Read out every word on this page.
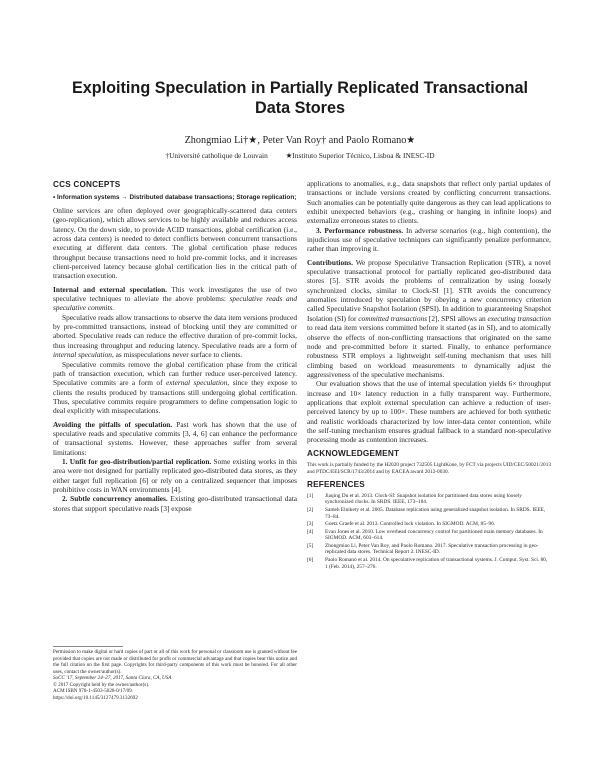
Exploiting Speculation in Partially Replicated Transactional Data Stores
Zhongmiao Li†★, Peter Van Roy† and Paolo Romano★
†Université catholique de Louvain ★Instituto Superior Técnico, Lisboa & INESC-ID
CCS CONCEPTS
• Information systems → Distributed database transactions; Storage replication;

Online services are often deployed over geographically-scattered data centers (geo-replication), which allows services to be highly available and reduces access latency. On the down side, to provide ACID transactions, global certification (i.e., across data centers) is needed to detect conflicts between concurrent transactions executing at different data centers. The global certification phase reduces throughput because transactions need to hold pre-commit locks, and it increases client-perceived latency because global certification lies in the critical path of transaction execution.

Internal and external speculation. This work investigates the use of two speculative techniques to alleviate the above problems: speculative reads and speculative commits.

Speculative reads allow transactions to observe the data item versions produced by pre-committed transactions, instead of blocking until they are committed or aborted. Speculative reads can reduce the effective duration of pre-commit locks, thus increasing throughput and reducing latency. Speculative reads are a form of internal speculation, as misspeculations never surface to clients.

Speculative commits remove the global certification phase from the critical path of transaction execution, which can further reduce user-perceived latency. Speculative commits are a form of external speculation, since they expose to clients the results produced by transactions still undergoing global certification. Thus, speculative commits require programmers to define compensation logic to deal explicitly with misspeculations.

Avoiding the pitfalls of speculation. Past work has shown that the use of speculative reads and speculative commits [3, 4, 6] can enhance the performance of transactional systems. However, these approaches suffer from several limitations:

1. Unfit for geo-distribution/partial replication. Some existing works in this area were not designed for partially replicated geo-distributed data stores, as they either target full replication [6] or rely on a centralized sequencer that imposes prohibitive costs in WAN environments [4].

2. Subtle concurrency anomalies. Existing geo-distributed transactional data stores that support speculative reads [3] expose

Permission to make digital or hard copies of part or all of this work for personal or classroom use is granted without fee provided that copies are not made or distributed for profit or commercial advantage and that copies bear this notice and the full citation on the first page. Copyrights for third-party components of this work must be honored. For all other uses, contact the owner/author(s).

SoCC '17, September 24–27, 2017, Santa Clara, CA, USA

© 2017 Copyright held by the owner/author(s).

ACM ISBN 978-1-4503-5028-0/17/09.

https://doi.org/10.1145/3127479.3132692

applications to anomalies, e.g., data snapshots that reflect only partial updates of transactions or include versions created by conflicting concurrent transactions. Such anomalies can be potentially quite dangerous as they can lead applications to exhibit unexpected behaviors (e.g., crashing or hanging in infinite loops) and externalize erroneous states to clients.

3. Performance robustness. In adverse scenarios (e.g., high contention), the injudicious use of speculative techniques can significantly penalize performance, rather than improving it.

Contributions. We propose Speculative Transaction Replication (STR), a novel speculative transactional protocol for partially replicated geo-distributed data stores [5]. STR avoids the problems of centralization by using loosely synchronized clocks, similar to Clock-SI [1]. STR avoids the concurrency anomalies introduced by speculation by obeying a new concurrency criterion called Speculative Snapshot Isolation (SPSI). In addition to guaranteeing Snapshot Isolation (SI) for committed transactions [2], SPSI allows an executing transaction to read data item versions committed before it started (as in SI), and to atomically observe the effects of non-conflicting transactions that originated on the same node and pre-committed before it started. Finally, to enhance performance robustness STR employs a lightweight self-tuning mechanism that uses hill climbing based on workload measurements to dynamically adjust the aggressiveness of the speculative mechanisms.

Our evaluation shows that the use of internal speculation yields 6× throughput increase and 10× latency reduction in a fully transparent way. Furthermore, applications that exploit external speculation can achieve a reduction of user-perceived latency by up to 100×. These numbers are achieved for both synthetic and realistic workloads characterized by low inter-data center contention, while the self-tuning mechanism ensures gradual fallback to a standard non-speculative processing mode as contention increases.

ACKNOWLEDGEMENT

This work is partially funded by the H2020 project 732505 LightKone, by FCT via projects UID/CEC/50021/2013 and PTDC/EEI/SCR/1743/2014 and by EACEA award 2012-0030.

REFERENCES
[1]	Jiaqing Du et al. 2013. Clock-SI: Snapshot isolation for partitioned data stores using loosely synchronized clocks. In SRDS. IEEE, 173–184.
[2]	Sameh Elnikety et al. 2005. Database replication using generalized snapshot isolation. In SRDS. IEEE, 73–84.
[3]	Goetz Graefe et al. 2013. Controlled lock violation. In SIGMOD. ACM, 85–96.
[4]	Evan Jones et al. 2010. Low overhead concurrency control for partitioned main memory databases. In SIGMOD. ACM, 603–614.
[5]	Zhongmiao Li, Peter Van Roy, and Paolo Romano. 2017. Speculative transaction processing in geo-replicated data stores. Technical Report 2. INESC-ID.
[6]	Paolo Romano et al. 2014. On speculative replication of transactional systems. J. Comput. Syst. Sci. 80, 1 (Feb. 2014), 257–276.
